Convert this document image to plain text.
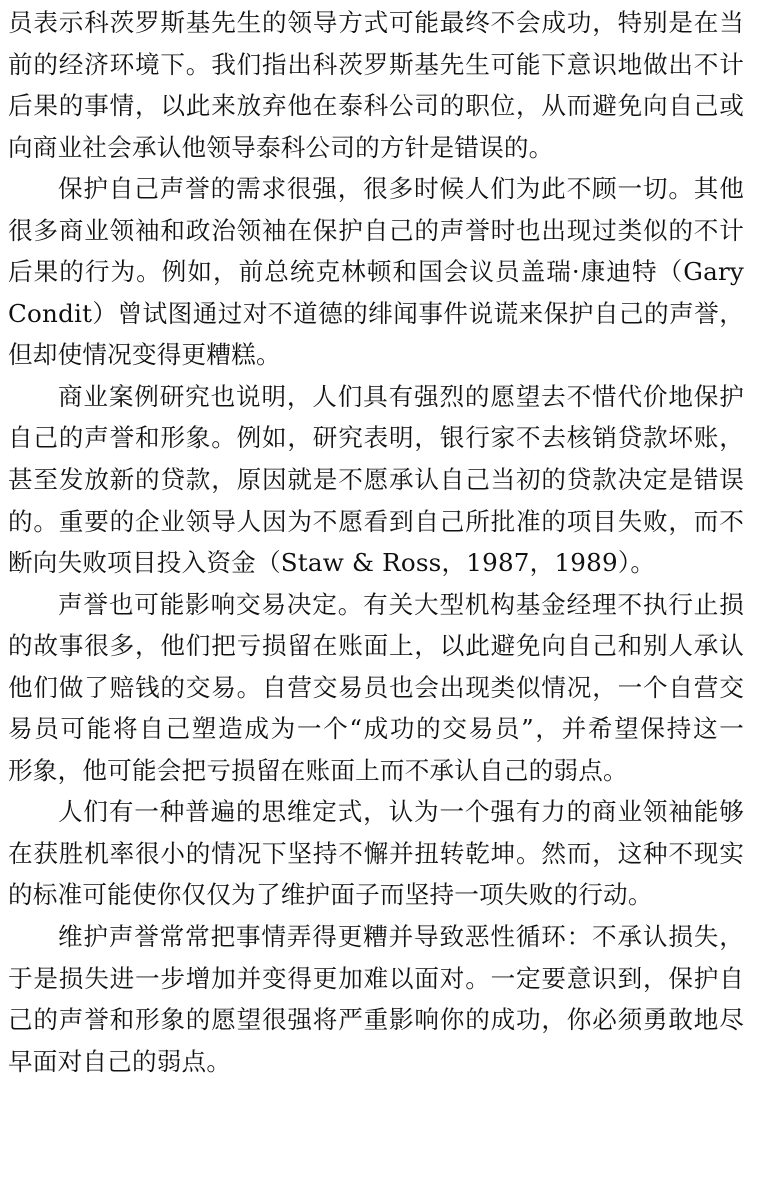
员表示科茨罗斯基先生的领导方式可能最终不会成功，特别是在当
前的经济环境下。我们指出科茨罗斯基先生可能下意识地做出不计
后果的事情，以此来放弃他在泰科公司的职位，从而避免向自己或
向商业社会承认他领导泰科公司的方针是错误的。
保护自己声誉的需求很强，很多时候人们为此不顾一切。其他
很多商业领袖和政治领袖在保护自己的声誉时也出现过类似的不计
后果的行为。例如，前总统克林顿和国会议员盖瑞·康迪特（Gary
Condit）曾试图通过对不道德的绯闻事件说谎来保护自己的声誉，
但却使情况变得更糟糕。
商业案例研究也说明，人们具有强烈的愿望去不惜代价地保护
自己的声誉和形象。例如，研究表明，银行家不去核销贷款坏账，
甚至发放新的贷款，原因就是不愿承认自己当初的贷款决定是错误
的。重要的企业领导人因为不愿看到自己所批准的项目失败，而不
断向失败项目投入资金（Staw & Ross，1987，1989）。
声誉也可能影响交易决定。有关大型机构基金经理不执行止损
的故事很多，他们把亏损留在账面上，以此避免向自己和别人承认
他们做了赔钱的交易。自营交易员也会出现类似情况，一个自营交
易员可能将自己塑造成为一个“成功的交易员”，并希望保持这一
形象，他可能会把亏损留在账面上而不承认自己的弱点。
人们有一种普遍的思维定式，认为一个强有力的商业领袖能够
在获胜机率很小的情况下坚持不懈并扭转乾坤。然而，这种不现实
的标准可能使你仅仅为了维护面子而坚持一项失败的行动。
维护声誉常常把事情弄得更糟并导致恶性循环：不承认损失，
于是损失进一步增加并变得更加难以面对。一定要意识到，保护自
己的声誉和形象的愿望很强将严重影响你的成功，你必须勇敢地尽
早面对自己的弱点。
